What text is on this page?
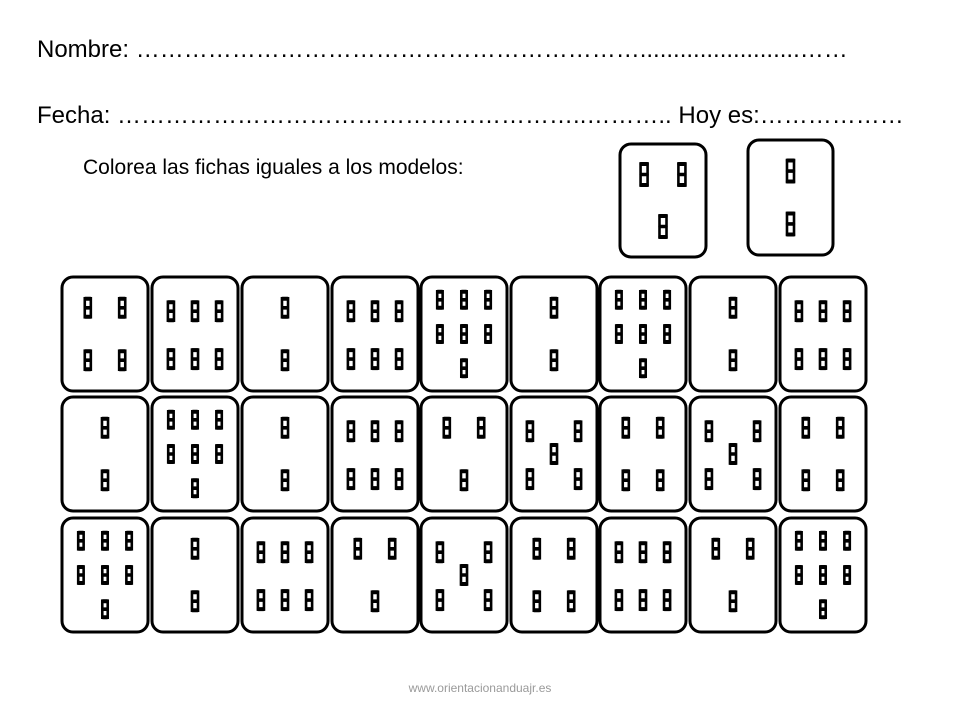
Nombre: ………………………………………………………........................……
Fecha: …………………………………………………..……….. Hoy es:………………
Colorea las fichas iguales a los modelos:
www.orientacionanduajr.es
